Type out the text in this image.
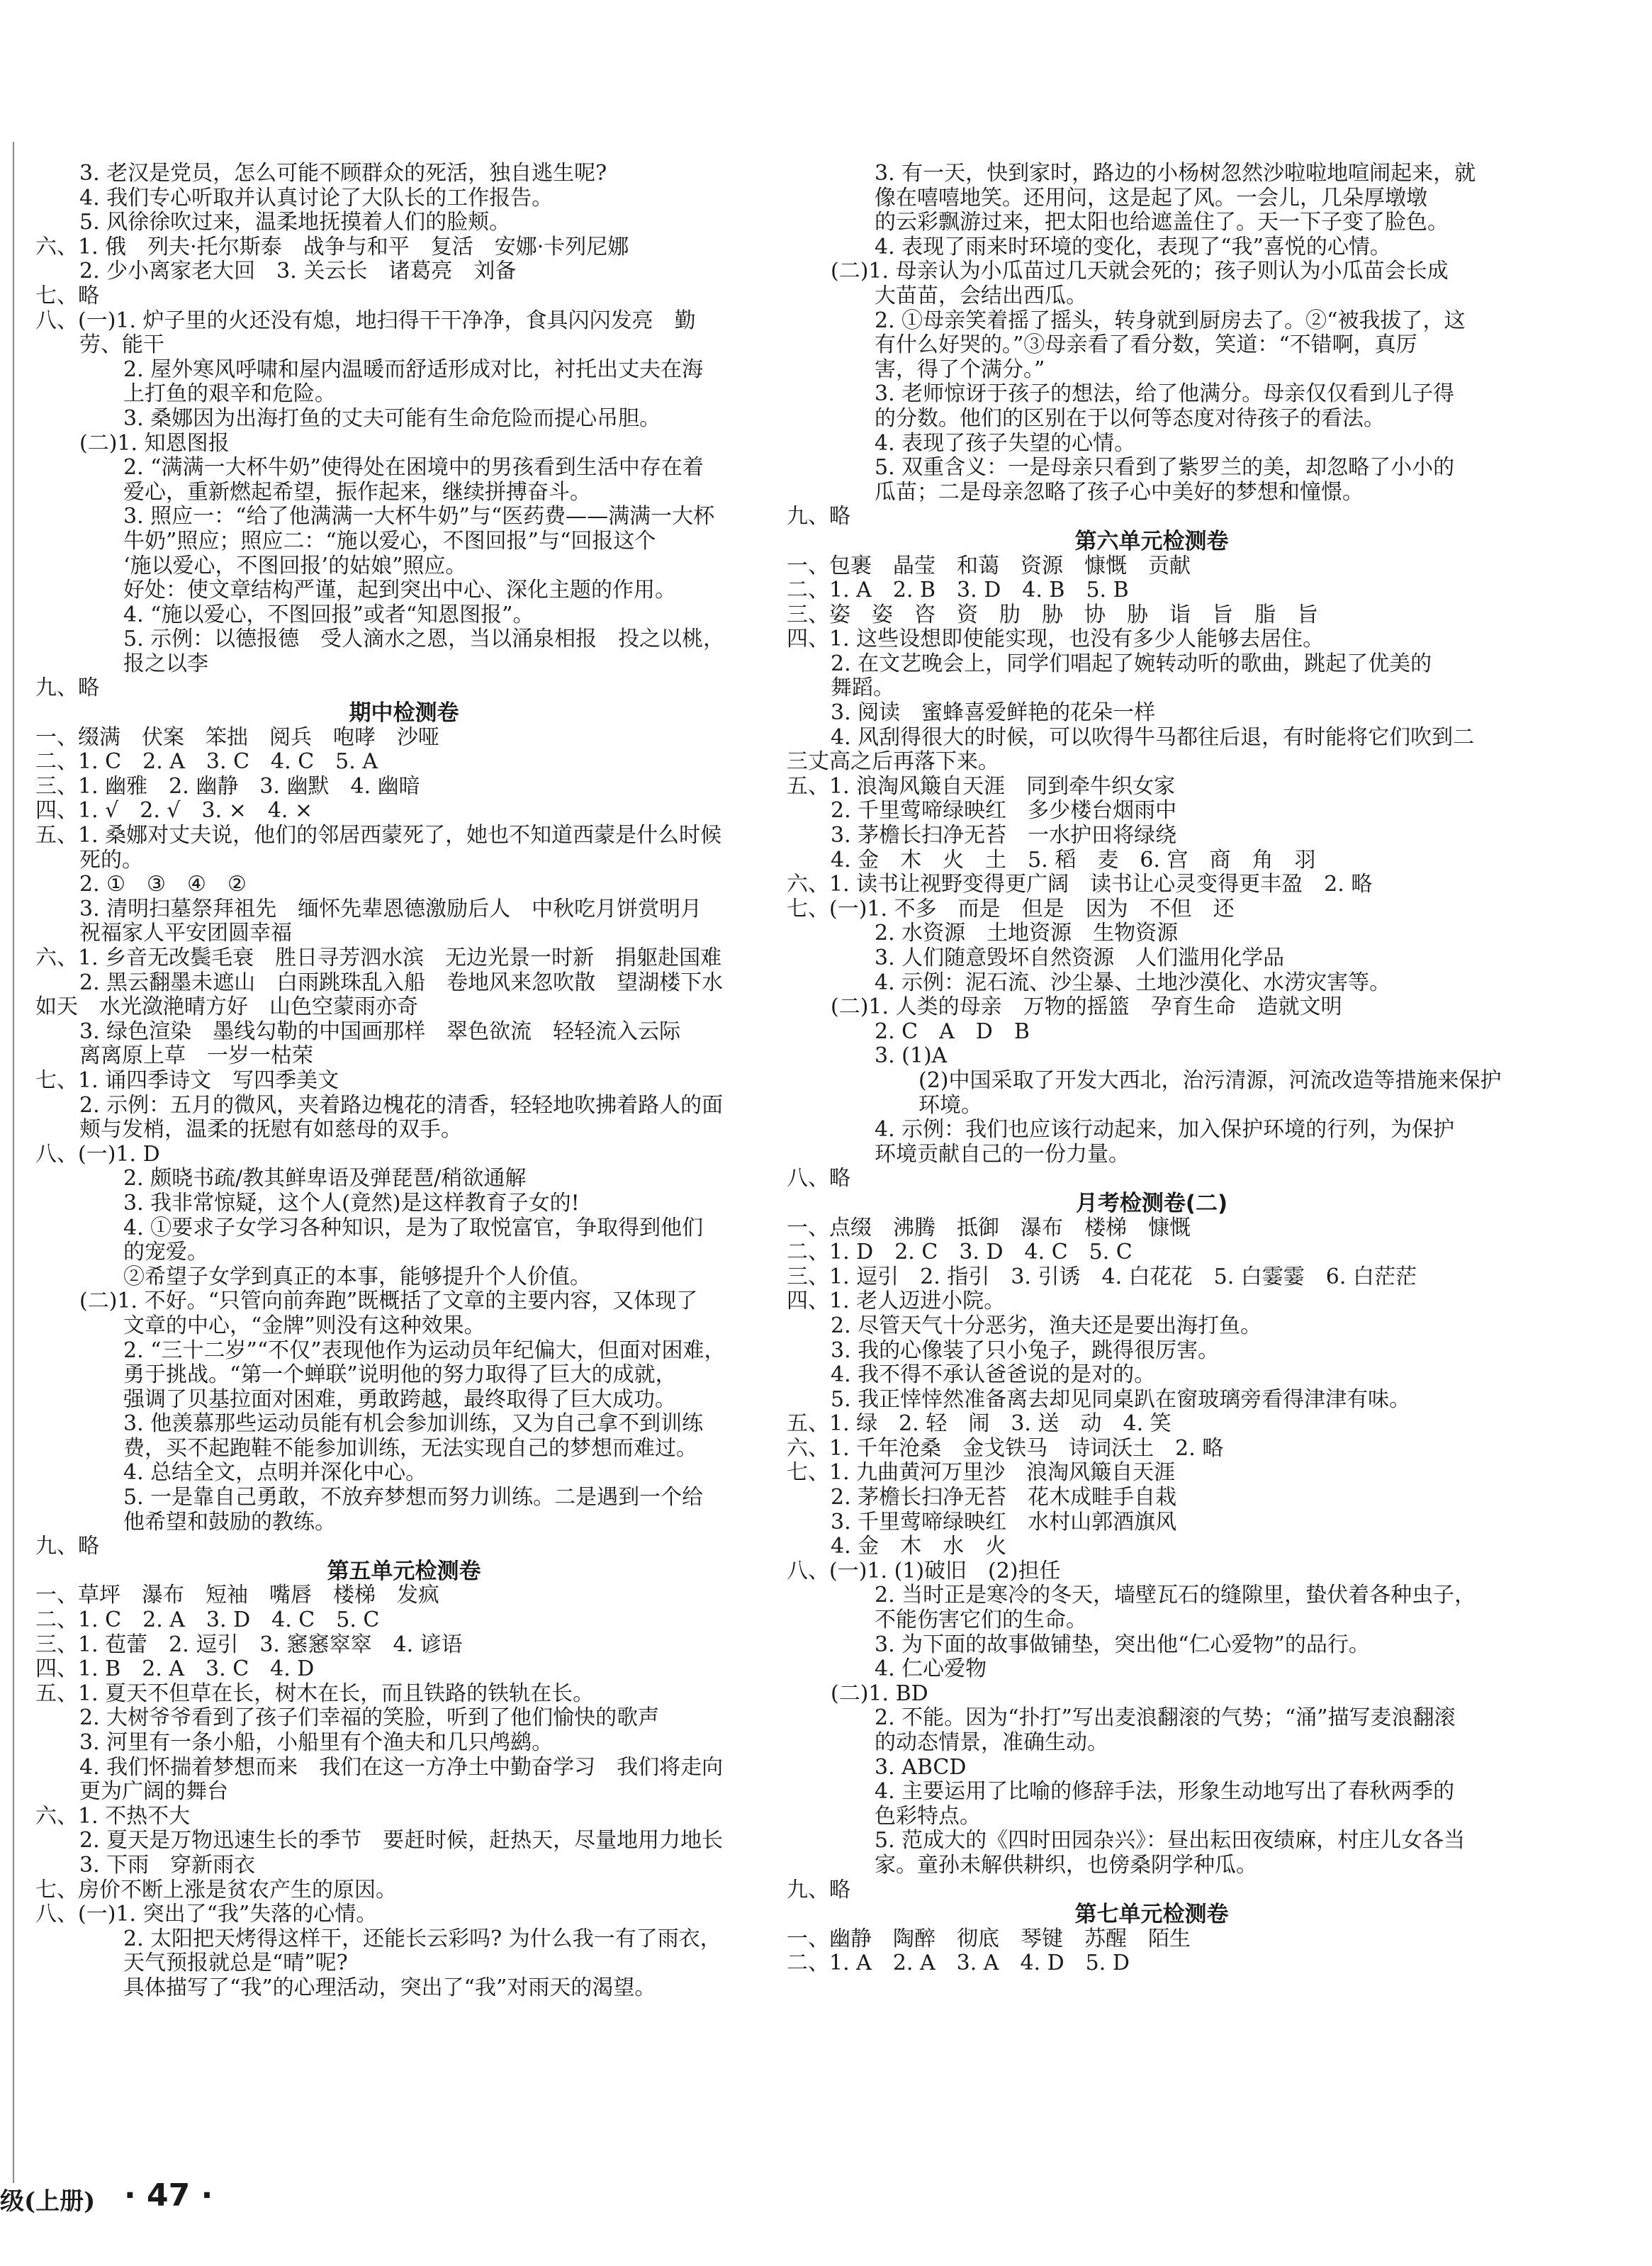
3. 老汉是党员，怎么可能不顾群众的死活，独自逃生呢?
4. 我们专心听取并认真讨论了大队长的工作报告。
5. 风徐徐吹过来，温柔地抚摸着人们的脸颊。
六、1. 俄　列夫·托尔斯泰　战争与和平　复活　安娜·卡列尼娜
2. 少小离家老大回　3. 关云长　诸葛亮　刘备
七、略
八、(一)1. 炉子里的火还没有熄，地扫得干干净净，食具闪闪发亮　勤
劳、能干
2. 屋外寒风呼啸和屋内温暖而舒适形成对比，衬托出丈夫在海
上打鱼的艰辛和危险。
3. 桑娜因为出海打鱼的丈夫可能有生命危险而提心吊胆。
(二)1. 知恩图报
2. “满满一大杯牛奶”使得处在困境中的男孩看到生活中存在着
爱心，重新燃起希望，振作起来，继续拼搏奋斗。
3. 照应一：“给了他满满一大杯牛奶”与“医药费——满满一大杯
牛奶”照应；照应二：“施以爱心，不图回报”与“回报这个
‘施以爱心，不图回报’的姑娘”照应。
好处：使文章结构严谨，起到突出中心、深化主题的作用。
4. “施以爱心，不图回报”或者“知恩图报”。
5. 示例：以德报德　受人滴水之恩，当以涌泉相报　投之以桃，
报之以李
九、略
期中检测卷
一、缀满　伏案　笨拙　阅兵　咆哮　沙哑
二、1. C　2. A　3. C　4. C　5. A
三、1. 幽雅　2. 幽静　3. 幽默　4. 幽暗
四、1. √　2. √　3. ×　4. ×
五、1. 桑娜对丈夫说，他们的邻居西蒙死了，她也不知道西蒙是什么时候
死的。
2. ①　③　④　②
3. 清明扫墓祭拜祖先　缅怀先辈恩德激励后人　中秋吃月饼赏明月
祝福家人平安团圆幸福
六、1. 乡音无改鬓毛衰　胜日寻芳泗水滨　无边光景一时新　捐躯赴国难
2. 黑云翻墨未遮山　白雨跳珠乱入船　卷地风来忽吹散　望湖楼下水
如天　水光潋滟晴方好　山色空蒙雨亦奇
3. 绿色渲染　墨线勾勒的中国画那样　翠色欲流　轻轻流入云际
离离原上草　一岁一枯荣
七、1. 诵四季诗文　写四季美文
2. 示例：五月的微风，夹着路边槐花的清香，轻轻地吹拂着路人的面
颊与发梢，温柔的抚慰有如慈母的双手。
八、(一)1. D
2. 颇晓书疏/教其鲜卑语及弹琵琶/稍欲通解
3. 我非常惊疑，这个人(竟然)是这样教育子女的!
4. ①要求子女学习各种知识，是为了取悦富官，争取得到他们
的宠爱。
②希望子女学到真正的本事，能够提升个人价值。
(二)1. 不好。“只管向前奔跑”既概括了文章的主要内容，又体现了
文章的中心，“金牌”则没有这种效果。
2. “三十二岁”“不仅”表现他作为运动员年纪偏大，但面对困难，
勇于挑战。“第一个蝉联”说明他的努力取得了巨大的成就，
强调了贝基拉面对困难，勇敢跨越，最终取得了巨大成功。
3. 他羡慕那些运动员能有机会参加训练，又为自己拿不到训练
费，买不起跑鞋不能参加训练，无法实现自己的梦想而难过。
4. 总结全文，点明并深化中心。
5. 一是靠自己勇敢，不放弃梦想而努力训练。二是遇到一个给
他希望和鼓励的教练。
九、略
第五单元检测卷
一、草坪　瀑布　短袖　嘴唇　楼梯　发疯
二、1. C　2. A　3. D　4. C　5. C
三、1. 苞蕾　2. 逗引　3. 窸窸窣窣　4. 谚语
四、1. B　2. A　3. C　4. D
五、1. 夏天不但草在长，树木在长，而且铁路的铁轨在长。
2. 大树爷爷看到了孩子们幸福的笑脸，听到了他们愉快的歌声
3. 河里有一条小船，小船里有个渔夫和几只鸬鹚。
4. 我们怀揣着梦想而来　我们在这一方净土中勤奋学习　我们将走向
更为广阔的舞台
六、1. 不热不大
2. 夏天是万物迅速生长的季节　要赶时候，赶热天，尽量地用力地长
3. 下雨　穿新雨衣
七、房价不断上涨是贫农产生的原因。
八、(一)1. 突出了“我”失落的心情。
2. 太阳把天烤得这样干，还能长云彩吗? 为什么我一有了雨衣，
天气预报就总是“晴”呢?
具体描写了“我”的心理活动，突出了“我”对雨天的渴望。
3. 有一天，快到家时，路边的小杨树忽然沙啦啦地喧闹起来，就
像在嘻嘻地笑。还用问，这是起了风。一会儿，几朵厚墩墩
的云彩飘游过来，把太阳也给遮盖住了。天一下子变了脸色。
4. 表现了雨来时环境的变化，表现了“我”喜悦的心情。
(二)1. 母亲认为小瓜苗过几天就会死的；孩子则认为小瓜苗会长成
大苗苗，会结出西瓜。
2. ①母亲笑着摇了摇头，转身就到厨房去了。②“被我拔了，这
有什么好哭的。”③母亲看了看分数，笑道：“不错啊，真厉
害，得了个满分。”
3. 老师惊讶于孩子的想法，给了他满分。母亲仅仅看到儿子得
的分数。他们的区别在于以何等态度对待孩子的看法。
4. 表现了孩子失望的心情。
5. 双重含义：一是母亲只看到了紫罗兰的美，却忽略了小小的
瓜苗；二是母亲忽略了孩子心中美好的梦想和憧憬。
九、略
第六单元检测卷
一、包裹　晶莹　和蔼　资源　慷慨　贡献
二、1. A　2. B　3. D　4. B　5. B
三、姿　姿　咨　资　肋　胁　协　胁　诣　旨　脂　旨
四、1. 这些设想即使能实现，也没有多少人能够去居住。
2. 在文艺晚会上，同学们唱起了婉转动听的歌曲，跳起了优美的
舞蹈。
3. 阅读　蜜蜂喜爱鲜艳的花朵一样
4. 风刮得很大的时候，可以吹得牛马都往后退，有时能将它们吹到二
三丈高之后再落下来。
五、1. 浪淘风簸自天涯　同到牵牛织女家
2. 千里莺啼绿映红　多少楼台烟雨中
3. 茅檐长扫净无苔　一水护田将绿绕
4. 金　木　火　土　5. 稻　麦　6. 宫　商　角　羽
六、1. 读书让视野变得更广阔　读书让心灵变得更丰盈　2. 略
七、(一)1. 不多　而是　但是　因为　不但　还
2. 水资源　土地资源　生物资源
3. 人们随意毁坏自然资源　人们滥用化学品
4. 示例：泥石流、沙尘暴、土地沙漠化、水涝灾害等。
(二)1. 人类的母亲　万物的摇篮　孕育生命　造就文明
2. C　A　D　B
3. (1)A
(2)中国采取了开发大西北，治污清源，河流改造等措施来保护
环境。
4. 示例：我们也应该行动起来，加入保护环境的行列，为保护
环境贡献自己的一份力量。
八、略
月考检测卷(二)
一、点缀　沸腾　抵御　瀑布　楼梯　慷慨
二、1. D　2. C　3. D　4. C　5. C
三、1. 逗引　2. 指引　3. 引诱　4. 白花花　5. 白霎霎　6. 白茫茫
四、1. 老人迈进小院。
2. 尽管天气十分恶劣，渔夫还是要出海打鱼。
3. 我的心像装了只小兔子，跳得很厉害。
4. 我不得不承认爸爸说的是对的。
5. 我正悻悻然准备离去却见同桌趴在窗玻璃旁看得津津有味。
五、1. 绿　2. 轻　闹　3. 送　动　4. 笑
六、1. 千年沧桑　金戈铁马　诗词沃土　2. 略
七、1. 九曲黄河万里沙　浪淘风簸自天涯
2. 茅檐长扫净无苔　花木成畦手自栽
3. 千里莺啼绿映红　水村山郭酒旗风
4. 金　木　水　火
八、(一)1. (1)破旧　(2)担任
2. 当时正是寒冷的冬天，墙壁瓦石的缝隙里，蛰伏着各种虫子，
不能伤害它们的生命。
3. 为下面的故事做铺垫，突出他“仁心爱物”的品行。
4. 仁心爱物
(二)1. BD
2. 不能。因为“扑打”写出麦浪翻滚的气势；“涌”描写麦浪翻滚
的动态情景，准确生动。
3. ABCD
4. 主要运用了比喻的修辞手法，形象生动地写出了春秋两季的
色彩特点。
5. 范成大的《四时田园杂兴》：昼出耘田夜绩麻，村庄儿女各当
家。童孙未解供耕织，也傍桑阴学种瓜。
九、略
第七单元检测卷
一、幽静　陶醉　彻底　琴键　苏醒　陌生
二、1. A　2. A　3. A　4. D　5. D
级(上册) · 47 ·
